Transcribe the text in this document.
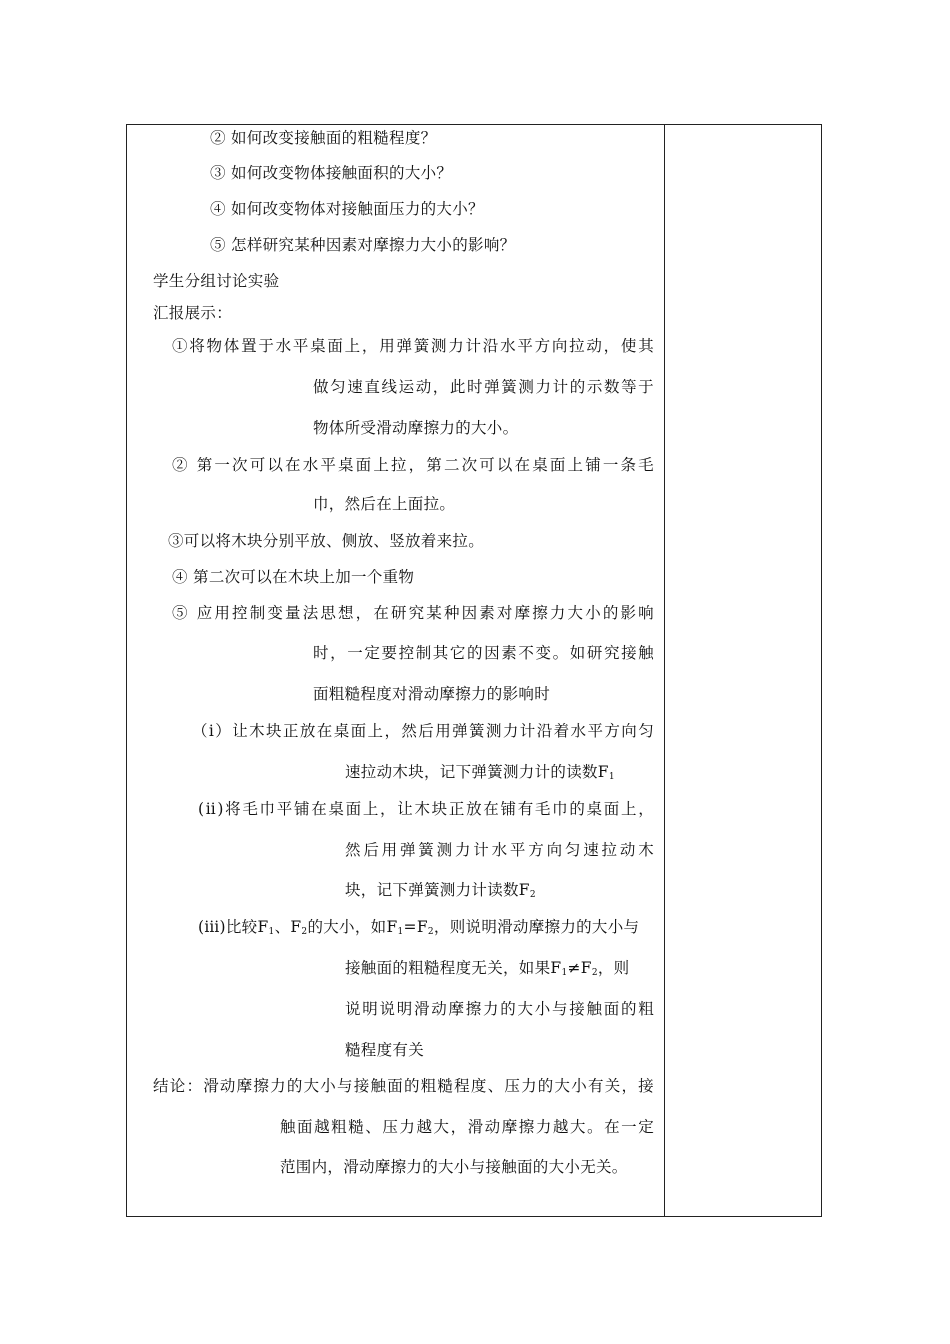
② 如何改变接触面的粗糙程度？
③ 如何改变物体接触面积的大小？
④ 如何改变物体对接触面压力的大小？
⑤ 怎样研究某种因素对摩擦力大小的影响？
学生分组讨论实验
汇报展示：
①将物体置于水平桌面上，用弹簧测力计沿水平方向拉动，使其
做匀速直线运动，此时弹簧测力计的示数等于
物体所受滑动摩擦力的大小。
② 第一次可以在水平桌面上拉，第二次可以在桌面上铺一条毛
巾，然后在上面拉。
③可以将木块分别平放、侧放、竖放着来拉。
④ 第二次可以在木块上加一个重物
⑤ 应用控制变量法思想，在研究某种因素对摩擦力大小的影响
时，一定要控制其它的因素不变。如研究接触
面粗糙程度对滑动摩擦力的影响时
（ⅰ）让木块正放在桌面上，然后用弹簧测力计沿着水平方向匀
速拉动木块，记下弹簧测力计的读数$F_1$
(ⅱ)将毛巾平铺在桌面上，让木块正放在铺有毛巾的桌面上，
然后用弹簧测力计水平方向匀速拉动木
块，记下弹簧测力计读数$F_2$
(ⅲ)比较$F_1$、$F_2$的大小，如$F_1=F_2$，则说明滑动摩擦力的大小与
接触面的粗糙程度无关，如果$F_1\ne F_2$，则
说明说明滑动摩擦力的大小与接触面的粗
糙程度有关
结论：滑动摩擦力的大小与接触面的粗糙程度、压力的大小有关，接
触面越粗糙、压力越大，滑动摩擦力越大。在一定
范围内，滑动摩擦力的大小与接触面的大小无关。
